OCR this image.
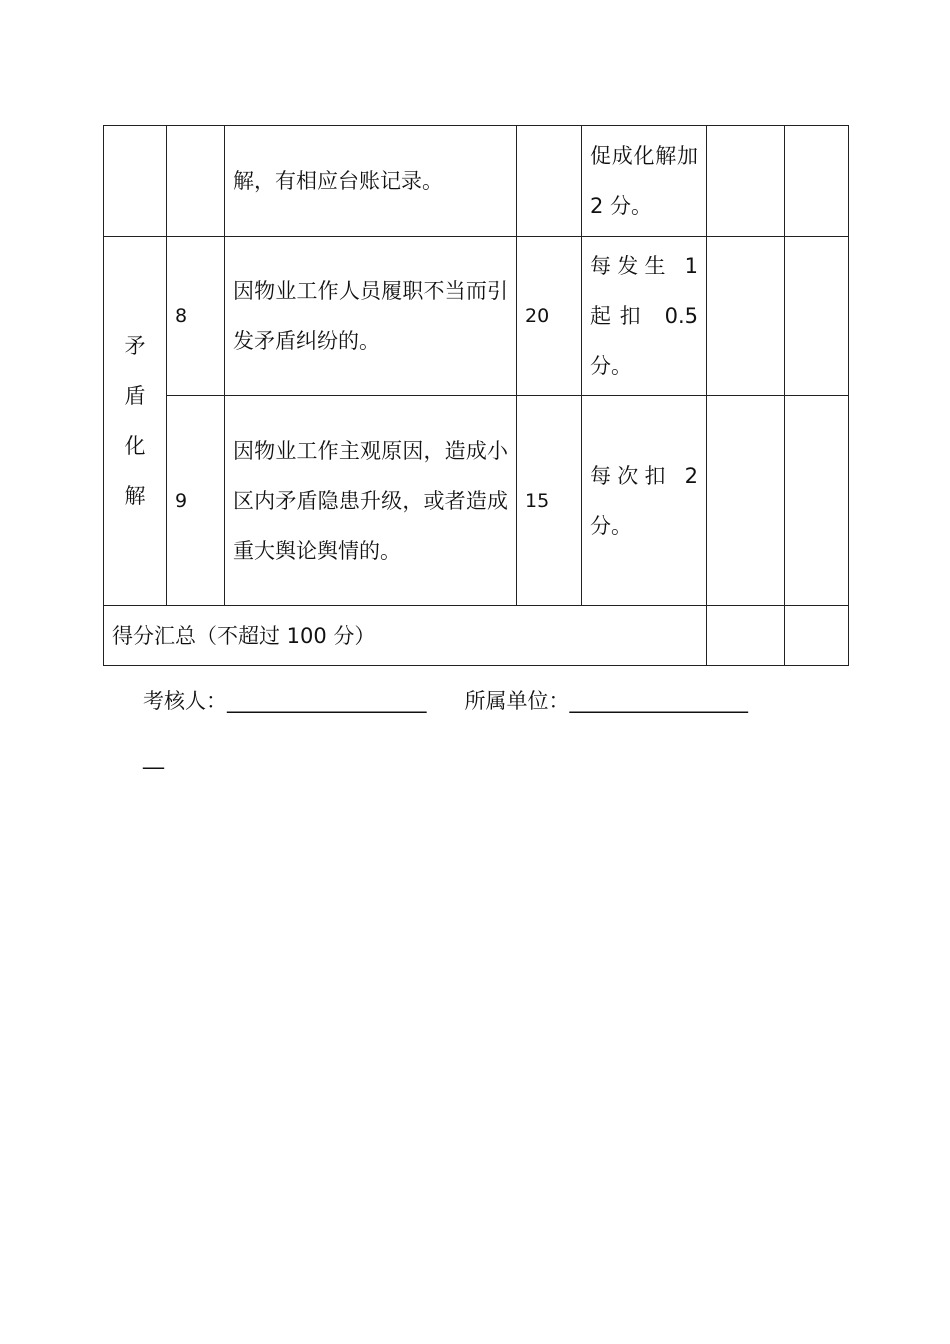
		解，有相应台账记录。		促成化解加 2 分。		
矛盾化解	8	因物业工作人员履职不当而引发矛盾纠纷的。	20	每发生 1 起扣 0.5 分。		
	9	因物业工作主观原因，造成小区内矛盾隐患升级，或者造成重大舆论舆情的。	15	每次扣 2 分。		
得分汇总（不超过 100 分）						
考核人：___________________ 所属单位：_________________
__
